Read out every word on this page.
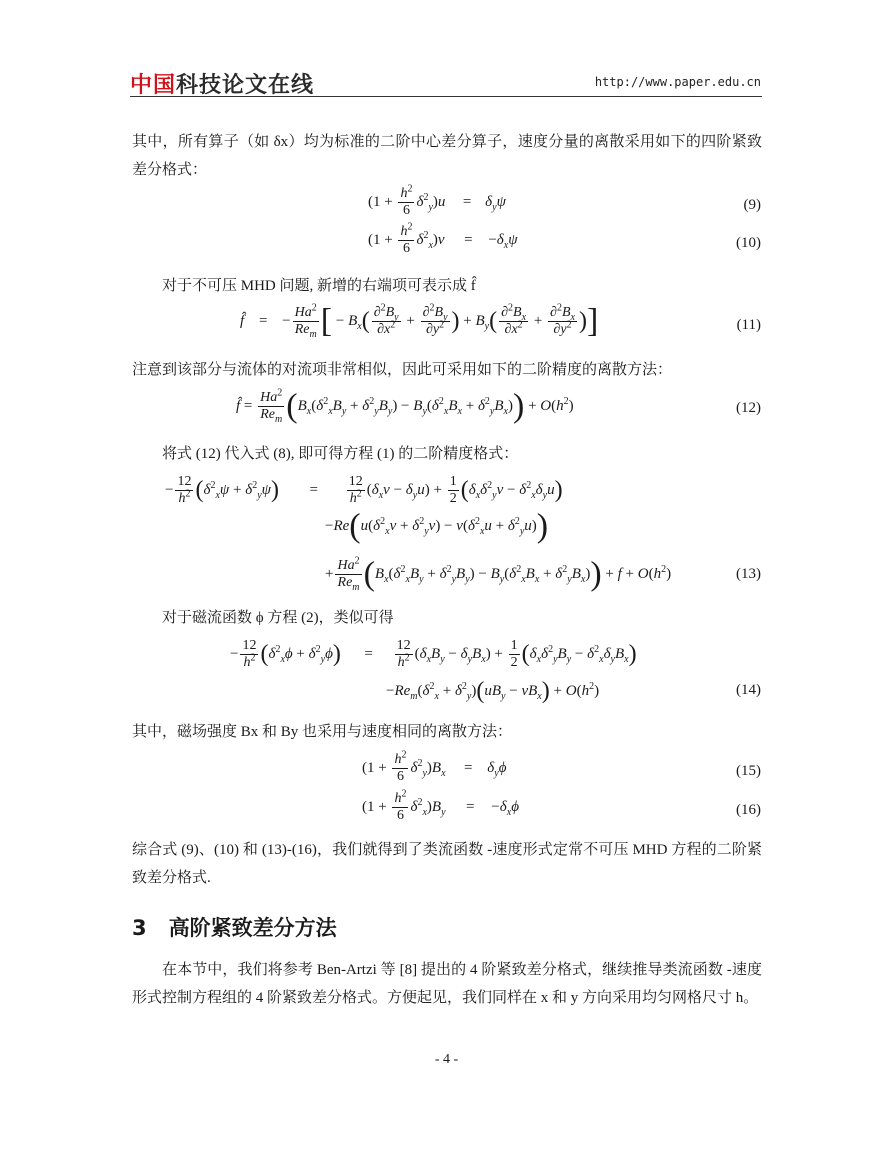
中国科技论文在线	http://www.paper.edu.cn
其中，所有算子（如 δx）均为标准的二阶中心差分算子，速度分量的离散采用如下的四阶紧致差分格式：
$(1 + \frac{h^2}{6} \delta^2_y)u = \delta_y\psi$	(9)
$(1 + \frac{h^2}{6} \delta^2_x)v = -\delta_x\psi$	(10)
对于不可压 MHD 问题, 新增的右端项可表示成 f̂
f̂ = − $\frac{Ha^2}{Re_m}$ [ − $B_x( \frac{\partial^2B_y}{\partial x^2} + \frac{\partial^2B_y}{\partial y^2}$ ) + $B_y( \frac{\partial^2B_x}{\partial x^2} + \frac{\partial^2B_x}{\partial y^2}$ )]	(11)
注意到该部分与流体的对流项非常相似，因此可采用如下的二阶精度的离散方法：
f̂ = $\frac{Ha^2}{Re_m} (B_x(\delta^2_xB_y + \delta^2_yB_y) - B_y(\delta^2_xB_x + \delta^2_yB_x)) + O(h^2)$	(12)
将式 (12) 代入式 (8), 即可得方程 (1) 的二阶精度格式：
− $\frac{12}{h^2} (\delta^2_x\psi + \delta^2_y\psi) = \frac{12}{h^2} (\delta_xv - \delta_yu) + \frac{1}{2} (\delta_x\delta^2_yv - \delta^2_x\delta_yu)$
$-Re(u(\delta^2_xv + \delta^2_yv) - v(\delta^2_xu + \delta^2_yu))$
+ $\frac{Ha^2}{Re_m} (B_x(\delta^2_xB_y + \delta^2_yB_y) - B_y(\delta^2_xB_x + \delta^2_yB_x)) + f + O(h^2)$	(13)
对于磁流函数 ϕ 方程 (2)，类似可得
− $\frac{12}{h^2} (\delta^2_x\phi + \delta^2_y\phi) = \frac{12}{h^2} (\delta_xB_y - \delta_yB_x) + \frac{1}{2} (\delta_x\delta^2_yB_y - \delta^2_x\delta_yB_x)$
$-Re_m(\delta^2_x + \delta^2_y)(uB_y - vB_x) + O(h^2)$	(14)
其中，磁场强度 Bx 和 By 也采用与速度相同的离散方法：
$(1 + \frac{h^2}{6} \delta^2_y)B_x = \delta_y\phi$	(15)
$(1 + \frac{h^2}{6} \delta^2_x)B_y = -\delta_x\phi$	(16)
综合式 (9)、(10) 和 (13)-(16)，我们就得到了类流函数 -速度形式定常不可压 MHD 方程的二阶紧致差分格式.
3 高阶紧致差分方法
在本节中，我们将参考 Ben-Artzi 等 [8] 提出的 4 阶紧致差分格式，继续推导类流函数 -速度形式控制方程组的 4 阶紧致差分格式。方便起见，我们同样在 x 和 y 方向采用均匀网格尺寸 h。
- 4 -
